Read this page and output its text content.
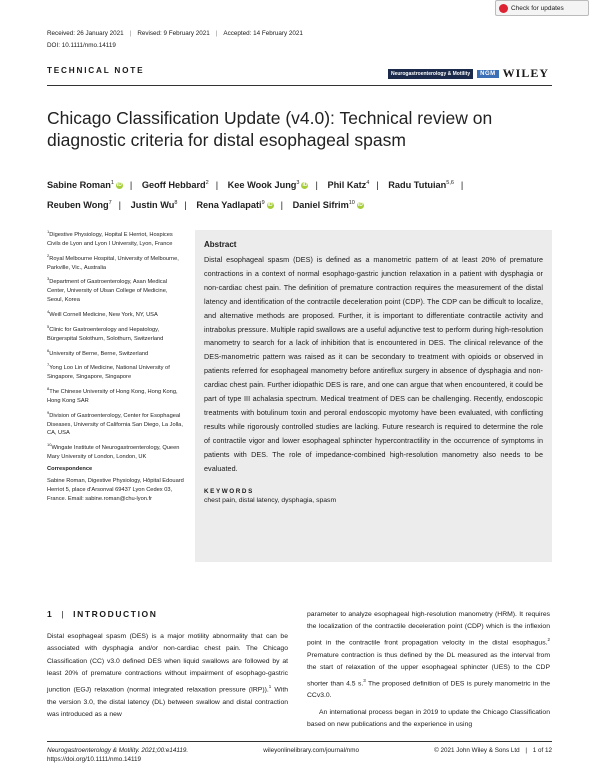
Check for updates
Received: 26 January 2021 | Revised: 9 February 2021 | Accepted: 14 February 2021
DOI: 10.1111/nmo.14119
TECHNICAL NOTE	Neurogastroenterology & Motility	NGM WILEY
Chicago Classification Update (v4.0): Technical review on
diagnostic criteria for distal esophageal spasm
Sabine Roman$^1$ iD | Geoff Hebbard$^2$ | Kee Wook Jung$^3$ iD | Phil Katz$^4$ | Radu Tutuian$^{5,6}$ |
Reuben Wong$^7$ | Justin Wu$^8$ | Rena Yadlapati$^9$ iD | Daniel Sifrim$^{10}$ iD

$^1$Digestive Physiology, Hopital E Herriot, Hospices Civils de Lyon and Lyon I University, Lyon, France

$^2$Royal Melbourne Hospital, University of Melbourne, Parkville, Vic., Australia

$^3$Department of Gastroenterology, Asan Medical Center, University of Ulsan College of Medicine, Seoul, Korea

$^4$Weill Cornell Medicine, New York, NY, USA

$^5$Clinic for Gastroenterology and Hepatology, Bürgerspital Solothurn, Solothurn, Switzerland

$^6$University of Berne, Berne, Switzerland

$^7$Yong Loo Lin of Medicine, National University of Singapore, Singapore, Singapore

$^8$The Chinese University of Hong Kong, Hong Kong, Hong Kong SAR

$^9$Division of Gastroenterology, Center for Esophageal Diseases, University of California San Diego, La Jolla, CA, USA

$^{10}$Wingate Institute of Neurogastroenterology, Queen Mary University of London, London, UK

Correspondence

Sabine Roman, Digestive Physiology, Hôpital Edouard Herriot 5, place d'Arsonval 69437 Lyon Cedex 03, France. Email: sabine.roman@chu-lyon.fr

Abstract
Distal esophageal spasm (DES) is defined as a manometric pattern of at least 20% of premature contractions in a context of normal esophago-gastric junction relaxation in a patient with dysphagia or non-cardiac chest pain. The definition of premature contraction requires the measurement of the distal latency and identification of the contractile deceleration point (CDP). The CDP can be difficult to localize, and alternative methods are proposed. Further, it is important to differentiate contractile activity and intrabolus pressure. Multiple rapid swallows are a useful adjunctive test to perform during high-resolution manometry to search for a lack of inhibition that is encountered in DES. The clinical relevance of the DES-manometric pattern was raised as it can be secondary to treatment with opioids or observed in patients referred for esophageal manometry before antireflux surgery in absence of dysphagia and non-cardiac chest pain. Further idiopathic DES is rare, and one can argue that when encountered, it could be part of type III achalasia spectrum. Medical treatment of DES can be challenging. Recently, endoscopic treatments with botulinum toxin and peroral endoscopic myotomy have been evaluated, with conflicting results while rigorously controlled studies are lacking. Future research is required to determine the role of contractile vigor and lower esophageal sphincter hypercontractility in the occurrence of symptoms in patients with DES. The role of impedance-combined high-resolution manometry also needs to be evaluated.
KEYWORDS
chest pain, distal latency, dysphagia, spasm
1 | INTRODUCTION
Distal esophageal spasm (DES) is a major motility abnormality that can be associated with dysphagia and/or non-cardiac chest pain. The Chicago Classification (CC) v3.0 defined DES when liquid swallows are followed by at least 20% of premature contractions without impairment of esophago-gastric junction (EGJ) relaxation (normal integrated relaxation pressure (IRP)).$^1$ With the version 3.0, the distal latency (DL) between swallow and distal contraction was introduced as a new
parameter to analyze esophageal high-resolution manometry (HRM). It requires the localization of the contractile deceleration point (CDP) which is the inflexion point in the contractile front propagation velocity in the distal esophagus.$^2$ Premature contraction is thus defined by the DL measured as the interval from the start of relaxation of the upper esophageal sphincter (UES) to the CDP shorter than 4.5 s.$^3$ The proposed definition of DES is purely manometric in the CCv3.0.
An international process began in 2019 to update the Chicago Classification based on new publications and the experience in using
Neurogastroenterology & Motility. 2021;00:e14119.	wileyonlinelibrary.com/journal/nmo	© 2021 John Wiley & Sons Ltd | 1 of 12
https://doi.org/10.1111/nmo.14119
